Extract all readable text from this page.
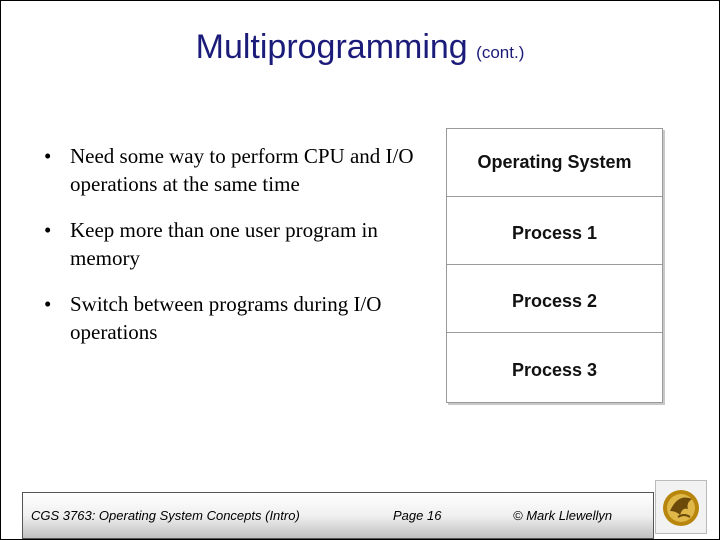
Multiprogramming (cont.)
• Need some way to perform CPU and I/O operations at the same time
• Keep more than one user program in memory
• Switch between programs during I/O operations
Operating System
Process 1
Process 2
Process 3
CGS 3763: Operating System Concepts (Intro)	Page 16	© Mark Llewellyn
